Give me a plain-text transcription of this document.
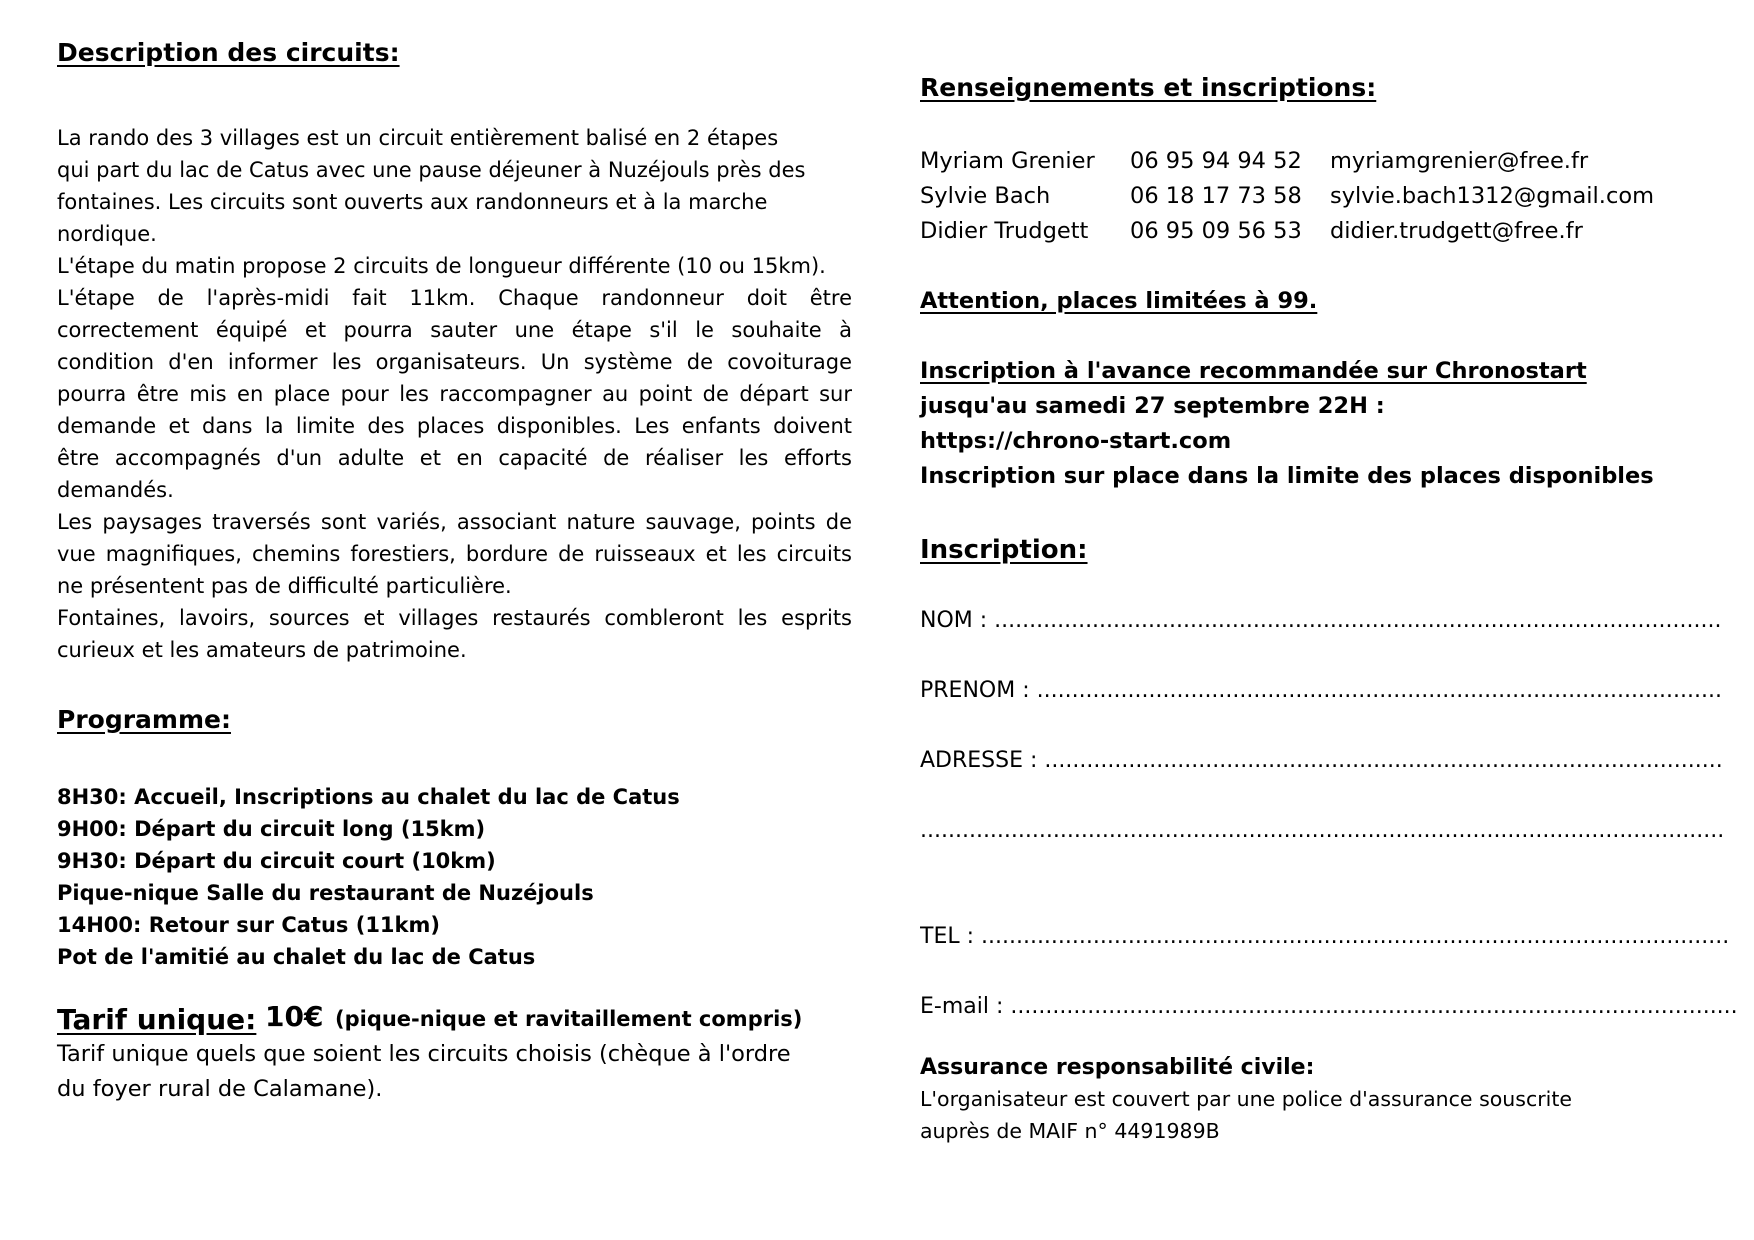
Description des circuits:
La rando des 3 villages est un circuit entièrement balisé en 2 étapes
qui part du lac de Catus avec une pause déjeuner à Nuzéjouls près des
fontaines. Les circuits sont ouverts aux randonneurs et à la marche
nordique.
L'étape du matin propose 2 circuits de longueur différente (10 ou 15km).
L'étape de l'après-midi fait 11km. Chaque randonneur doit être
correctement équipé et pourra sauter une étape s'il le souhaite à
condition d'en informer les organisateurs. Un système de covoiturage
pourra être mis en place pour les raccompagner au point de départ sur
demande et dans la limite des places disponibles. Les enfants doivent
être accompagnés d'un adulte et en capacité de réaliser les efforts
demandés.
Les paysages traversés sont variés, associant nature sauvage, points de
vue magnifiques, chemins forestiers, bordure de ruisseaux et les circuits
ne présentent pas de difficulté particulière.
Fontaines, lavoirs, sources et villages restaurés combleront les esprits
curieux et les amateurs de patrimoine.
Programme:
8H30: Accueil, Inscriptions au chalet du lac de Catus
9H00: Départ du circuit long (15km)
9H30: Départ du circuit court (10km)
Pique-nique Salle du restaurant de Nuzéjouls
14H00: Retour sur Catus (11km)
Pot de l'amitié au chalet du lac de Catus
Tarif unique: 10€ (pique-nique et ravitaillement compris)
Tarif unique quels que soient les circuits choisis (chèque à l'ordre
du foyer rural de Calamane).
Renseignements et inscriptions:
Myriam Grenier	06 95 94 94 52	myriamgrenier@free.fr
Sylvie Bach	06 18 17 73 58	sylvie.bach1312@gmail.com
Didier Trudgett	06 95 09 56 53	didier.trudgett@free.fr
Attention, places limitées à 99.
Inscription à l'avance recommandée sur Chronostart
jusqu'au samedi 27 septembre 22H :
https://chrono-start.com
Inscription sur place dans la limite des places disponibles
Inscription:
NOM : ........................................................................................................
PRENOM : ..................................................................................................
ADRESSE : .................................................................................................
...................................................................................................................
TEL : ...........................................................................................................
E-mail : ........................................................................................................
Assurance responsabilité civile:
L'organisateur est couvert par une police d'assurance souscrite
auprès de MAIF n° 4491989B
